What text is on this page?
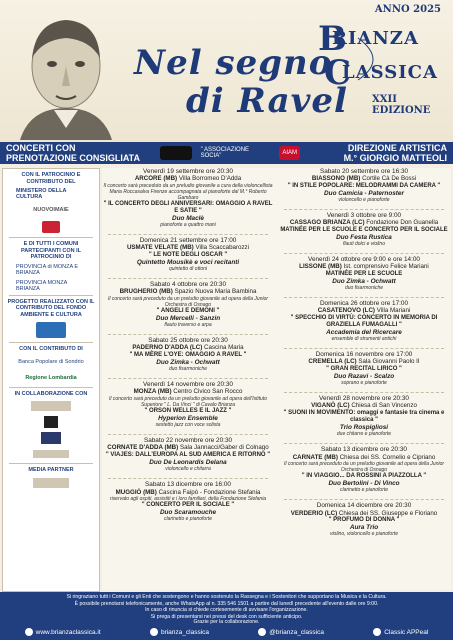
ANNO 2025
Nel segno
di Ravel
B
C
RIANZA
LASSICA
XXII EDIZIONE
CONCERTI CON
PRENOTAZIONE CONSIGLIATA
" ASSOCIAZIONE SOCIA"	AIAM	DIREZIONE ARTISTICA
M.° GIORGIO MATTEOLI
CON IL PATROCINIO E CONTRIBUTO DEL
MINISTERO DELLA CULTURA
NUOVOIMAIE
E DI TUTTI I COMUNI PARTECIPANTI CON IL PATROCINIO DI
PROVINCIA di MONZA E BRIANZA
PROVINCIA MONZA BRIANZA
PROGETTO REALIZZATO CON IL CONTRIBUTO DEL FONDO AMBIENTE E CULTURA
CON IL CONTRIBUTO DI
Banca Popolare di Sondrio
Regione Lombardia
IN COLLABORAZIONE CON
MEDIA PARTNER
Venerdì 19 settembre ore 20:30
ARCORE (MB) Villa Borromeo D'Adda
Il concerto sarà preceduto da un preludio giovanile a cura della violoncellista Maria Roccasalva Firenze accompagnata al pianoforte dal M.° Roberto Gambaro
" IL CONCERTO DEGLI ANNIVERSARI: OMAGGIO A RAVEL E SATIE "
Duo Maclè
pianoforte a quattro mani
Domenica 21 settembre ore 17:00
USMATE VELATE (MB) Villa Scaccabarozzi
" LE NOTE DEGLI OSCAR "
Quintetto Mousikè e voci recitanti
quintetto di ottoni
Sabato 4 ottobre ore 20:30
BRUGHERIO (MB) Spazio Nuova Maria Bambina
Il concerto sarà preceduto da un preludio giovanile ad opera della Junior Orchestra di Osnago
" ANGELI E DEMONI "
Duo Mercelli - Sanzin
flauto traverso e arpa
Sabato 25 ottobre ore 20:30
PADERNO D'ADDA (LC) Cascina Maria
" MA MÈRE L'OYE: OMAGGIO A RAVEL "
Duo Zimka - Ochwatt
duo fisarmoniche
Venerdì 14 novembre ore 20:30
MONZA (MB) Centro Civico San Rocco
Il concerto sarà preceduto da un preludio giovanile ad opera dell'Istituto Superiore " L. Da Vinci " di Cavalo Brianza
" ORSON WELLES E IL JAZZ "
Hyperion Ensemble
sestetto jazz con voce solista
Sabato 22 novembre ore 20:30
CORNATE D'ADDA (MB) Sala Jannacci/Gaber di Colnago
" VIAJES: DALL'EUROPA AL SUD AMERICA E RITORNO "
Duo De Leonardis Delana
violoncello e chitarra
Sabato 13 dicembre ore 16:00
MUGGIÒ (MB) Cascina Faipò - Fondazione Stefania
riservato agli ospiti, assistiti e i loro familiari, della Fondazione Stefania
" CONCERTO PER IL SOCIALE "
Duo Scaramouche
clarinetto e pianoforte
Sabato 20 settembre ore 16:30
BIASSONO (MB) Cortile Cà De Bossi
" IN STILE POPOLARE: MELODRAMMI DA CAMERA "
Duo Camicia - Paternoster
violoncello e pianoforte
Venerdì 3 ottobre ore 9:00
CASSAGO BRIANZA (LC) Fondazione Don Guanella
MATINÉE PER LE SCUOLE E CONCERTO PER IL SOCIALE
Duo Festa Rustica
flauti dolci e violino
Venerdì 24 ottobre ore 9:00 e ore 14:00
LISSONE (MB) Ist. comprensivo Felice Mariani
MATINÉE PER LE SCUOLE
Duo Zimka - Ochwatt
duo fisarmoniche
Domenica 26 ottobre ore 17:00
CASATENOVO (LC) Villa Mariani
" SPECCHIO DI VIRTÙ: CONCERTO IN MEMORIA DI GRAZIELLA FUMAGALLI "
Accademia del Ricercare
ensemble di strumenti antichi
Domenica 16 novembre ore 17:00
CREMELLA (LC) Sala Giovanni Paolo II
" GRAN RECITAL LIRICO "
Duo Razavi - Scalzo
soprano e pianoforte
Venerdì 28 novembre ore 20:30
VIGANÒ (LC) Chiesa di San Vincenzo
" SUONI IN MOVIMENTO: omaggi e fantasie tra cinema e classica "
Trio Rospiglìosi
due chitarre e pianoforte
Sabato 13 dicembre ore 20:30
CARNATE (MB) Chiesa dei SS. Cornelio e Cipriano
Il concerto sarà preceduto da un preludio giovanile ad opera della Junior Orchestra di Osnago
" IN VIAGGIO... DA ROSSINI A PIAZZOLLA "
Duo Bertolini - Di Vinco
clarinetto e pianoforte
Domenica 14 dicembre ore 20:30
VERDERIO (LC) Chiesa dei SS. Giuseppe e Floriano
" PROFUMO DI DONNA "
Aura Trio
violino, violoncello e pianoforte
Si ringraziano tutti i Comuni e gli Enti che sostengono e hanno sostenuto la Rassegna e i Sostenitori che supportano la Musica e la Cultura.
È possibile prenotarsi telefonicamente, anche WhatsApp al n. 335 546 1501 a partire dal lunedì precedente all'evento dalle ore 9:00.
In caso di rinuncia si chiede cortesemente di avvisare l'organizzazione.
Si prega di presentarsi nei pressi del desk con sufficiente anticipo.
www.brianzaclassica.it	brianza_classica	@brianza_classica	Classic APPeal
Grazie per la collaborazione.
